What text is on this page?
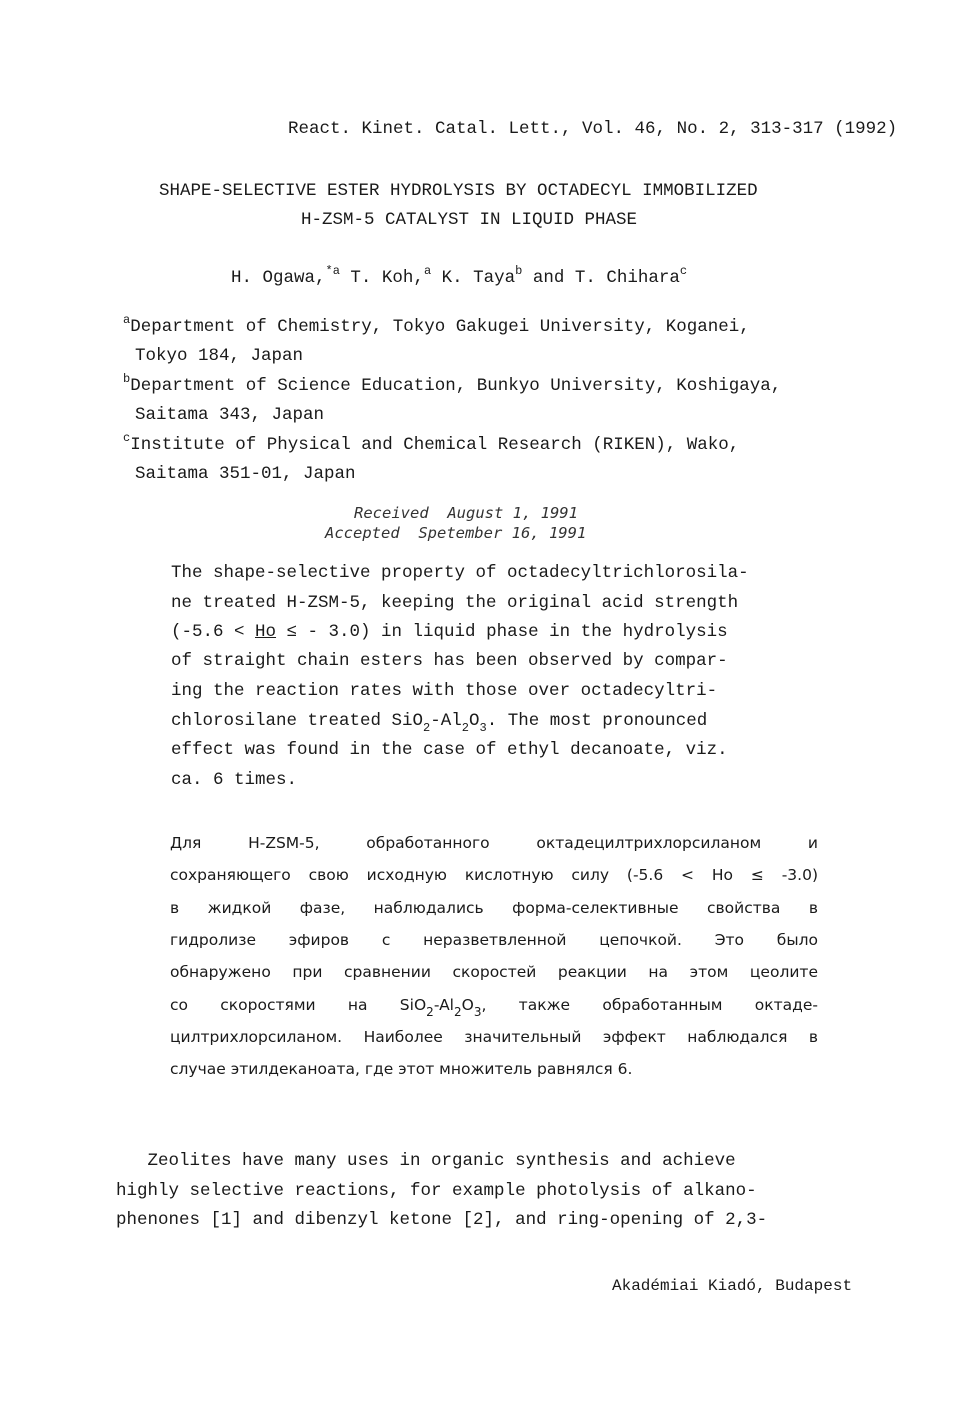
React. Kinet. Catal. Lett., Vol. 46, No. 2, 313-317 (1992)
SHAPE-SELECTIVE ESTER HYDROLYSIS BY OCTADECYL IMMOBILIZED
H-ZSM-5 CATALYST IN LIQUID PHASE
H. Ogawa,$^{*a}$ T. Koh,$^a$ K. Taya$^b$ and T. Chihara$^c$
$^a$Department of Chemistry, Tokyo Gakugei University, Koganei,
Tokyo 184, Japan
$^b$Department of Science Education, Bunkyo University, Koshigaya,
Saitama 343, Japan
$^c$Institute of Physical and Chemical Research (RIKEN), Wako,
Saitama 351-01, Japan
Received  August 1, 1991
Accepted  Spetember 16, 1991
The shape-selective property of octadecyltrichlorosila-
ne treated H-ZSM-5, keeping the original acid strength
(-5.6 < Ho ≤ - 3.0) in liquid phase in the hydrolysis
of straight chain esters has been observed by compar-
ing the reaction rates with those over octadecyltri-
chlorosilane treated $SiO_2-Al_2O_3$. The most pronounced
effect was found in the case of ethyl decanoate, viz.
ca. 6 times.
Для H-ZSM-5, обработанного октадецилтрихлорсиланом и
сохраняющего свою исходную кислотную силу (-5.6 < Ho ≤ -3.0)
в жидкой фазе, наблюдались форма-селективные свойства в
гидролизе эфиров с неразветвленной цепочкой. Это было
обнаружено при сравнении скоростей реакции на этом цеолите
со скоростями на $SiO_2-Al_2O_3$, также обработанным октаде-
цилтрихлорсиланом. Наиболее значительный эффект наблюдался в
случае этилдеканоата, где этот множитель равнялся 6.
Zeolites have many uses in organic synthesis and achieve
highly selective reactions, for example photolysis of alkano-
phenones [1] and dibenzyl ketone [2], and ring-opening of 2,3-
Akadémiai Kiadó, Budapest
